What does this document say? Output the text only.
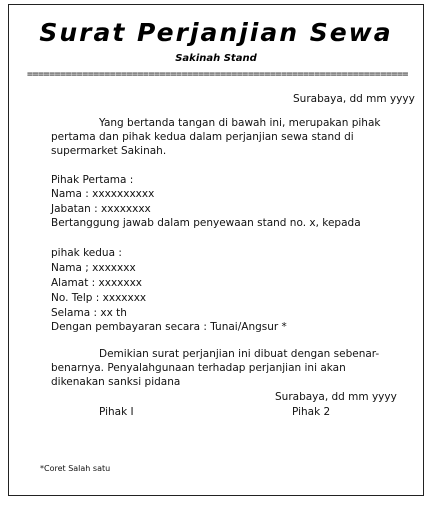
Surat Perjanjian Sewa
Sakinah Stand
=====================================================================
Surabaya, dd mm yyyy
Yang bertanda tangan di bawah ini, merupakan pihak
pertama dan pihak kedua dalam perjanjian sewa stand di
supermarket Sakinah.
Pihak Pertama :
Nama : xxxxxxxxxx
Jabatan : xxxxxxxx
Bertanggung jawab dalam penyewaan stand no. x, kepada
pihak kedua :
Nama ; xxxxxxx
Alamat : xxxxxxx
No. Telp : xxxxxxx
Selama : xx th
Dengan pembayaran secara : Tunai/Angsur *
Demikian surat perjanjian ini dibuat dengan sebenar-
benarnya. Penyalahgunaan terhadap perjanjian ini akan
dikenakan sanksi pidana
Surabaya, dd mm yyyy
Pihak I	Pihak 2
*Coret Salah satu
